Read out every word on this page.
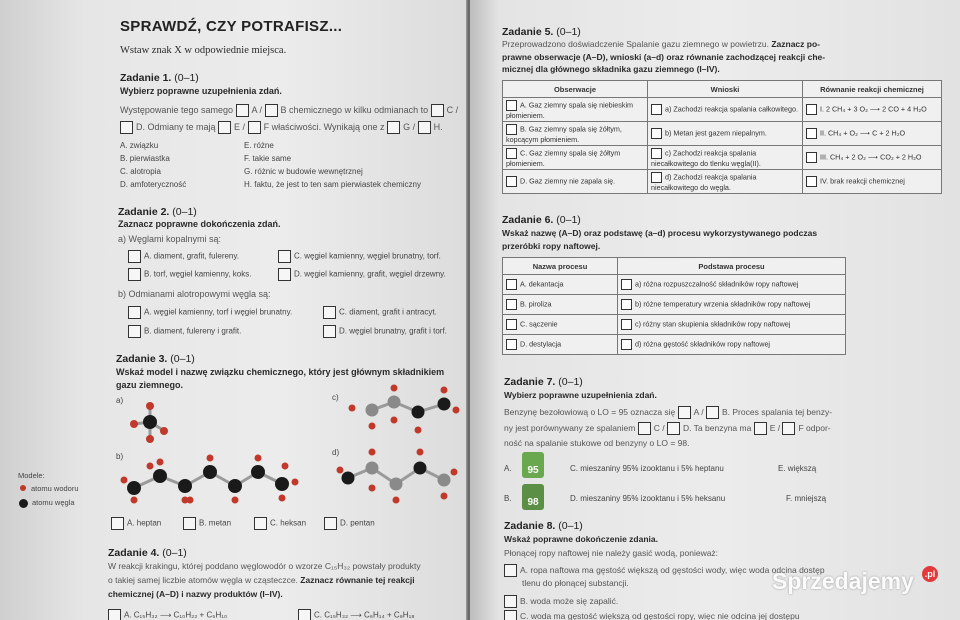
SPRAWDŹ, CZY POTRAFISZ...
Wstaw znak X w odpowiednie miejsca.
Zadanie 1. (0–1)
Wybierz poprawne uzupełnienia zdań.
Występowanie tego samego A / B chemicznego w kilku odmianach to C /
D. Odmiany te mają E / F właściwości. Wynikają one z G / H.
A. związku	E. różne
B. pierwiastka	F. takie same
C. alotropia	G. różnic w budowie wewnętrznej
D. amfoteryczność	H. faktu, że jest to ten sam pierwiastek chemiczny
Zadanie 2. (0–1)
Zaznacz poprawne dokończenia zdań.
a) Węglami kopalnymi są:
A. diament, grafit, fulereny.	C. węgiel kamienny, węgiel brunatny, torf.
B. torf, węgiel kamienny, koks.	D. węgiel kamienny, grafit, węgiel drzewny.
b) Odmianami alotropowymi węgla są:
A. węgiel kamienny, torf i węgiel brunatny.	C. diament, grafit i antracyt.
B. diament, fulereny i grafit.	D. węgiel brunatny, grafit i torf.
Zadanie 3. (0–1)
Wskaż model i nazwę związku chemicznego, który jest głównym składnikiem gazu ziemnego.
a)	c)
b)	d)
Modele:
atomu wodoru
atomu węgla
A. heptan	B. metan	C. heksan	D. pentan
Zadanie 4. (0–1)
W reakcji krakingu, której poddano węglowodór o wzorze C₁₅H₃₂ powstały produkty
o takiej samej liczbie atomów węgla w cząsteczce. Zaznacz równanie tej reakcji
chemicznej (A–D) i nazwy produktów (I–IV).
A. C₁₅H₃₂ ⟶ C₁₀H₂₂ + C₅H₁₀	C. C₁₅H₃₂ ⟶ C₆H₁₄ + C₉H₁₈
Zadanie 5. (0–1)
Przeprowadzono doświadczenie Spalanie gazu ziemnego w powietrzu. Zaznacz po-
prawne obserwacje (A–D), wnioski (a–d) oraz równanie zachodzącej reakcji che-
micznej dla głównego składnika gazu ziemnego (I–IV).
Obserwacje	Wnioski	Równanie reakcji chemicznej
A. Gaz ziemny spala się niebieskim płomieniem.	a) Zachodzi reakcja spalania całkowitego.	I. 2 CH₄ + 3 O₂ ⟶ 2 CO + 4 H₂O
B. Gaz ziemny spala się żółtym, kopcącym płomieniem.	b) Metan jest gazem niepalnym.	II. CH₄ + O₂ ⟶ C + 2 H₂O
C. Gaz ziemny spala się żółtym płomieniem.	c) Zachodzi reakcja spalania niecałkowitego do tlenku węgla(II).	III. CH₄ + 2 O₂ ⟶ CO₂ + 2 H₂O
D. Gaz ziemny nie zapala się.	d) Zachodzi reakcja spalania niecałkowitego do węgla.	IV. brak reakcji chemicznej
Zadanie 6. (0–1)
Wskaż nazwę (A–D) oraz podstawę (a–d) procesu wykorzystywanego podczas
przeróbki ropy naftowej.
Nazwa procesu	Podstawa procesu
A. dekantacja	a) różna rozpuszczalność składników ropy naftowej
B. piroliza	b) różne temperatury wrzenia składników ropy naftowej
C. sączenie	c) różny stan skupienia składników ropy naftowej
D. destylacja	d) różna gęstość składników ropy naftowej
Zadanie 7. (0–1)
Wybierz poprawne uzupełnienia zdań.
Benzynę bezołowiową o LO = 95 oznacza się A / B. Proces spalania tej benzy-
ny jest porównywany ze spalaniem C / D. Ta benzyna ma E / F odpor-
ność na spalanie stukowe od benzyny o LO = 98.
A.	95	C. mieszaniny 95% izooktanu i 5% heptanu	E. większą
B.	98	D. mieszaniny 95% izooktanu i 5% heksanu	F. mniejszą
Zadanie 8. (0–1)
Wskaż poprawne dokończenie zdania.
Płonącej ropy naftowej nie należy gasić wodą, ponieważ:
A. ropa naftowa ma gęstość większą od gęstości wody, więc woda odcina dostęp
tlenu do płonącej substancji.
B. woda może się zapalić.
C. woda ma gęstość większą od gęstości ropy, więc nie odcina jej dostępu
Sprzedajemy	.pl
